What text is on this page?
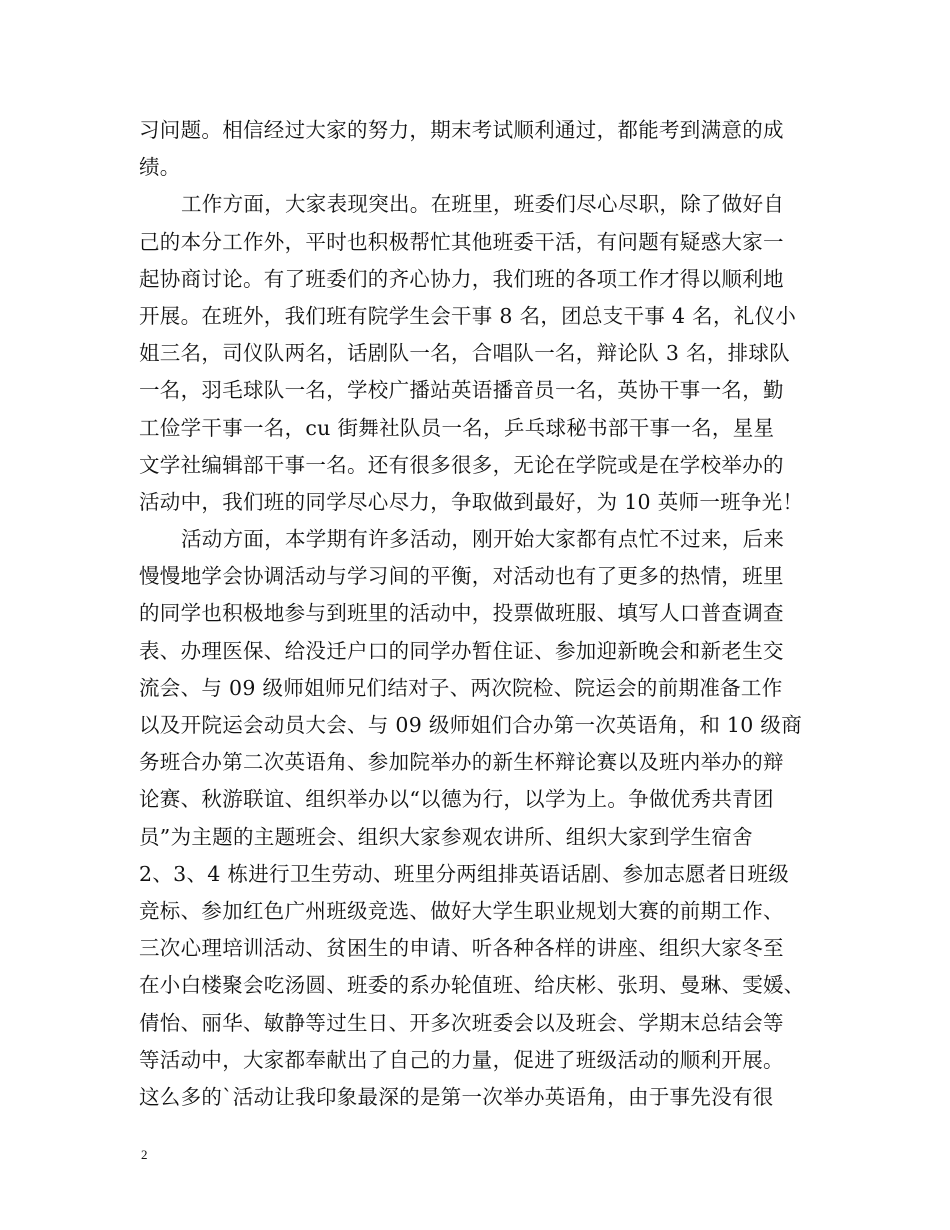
习问题。相信经过大家的努力，期末考试顺利通过，都能考到满意的成
绩。
工作方面，大家表现突出。在班里，班委们尽心尽职，除了做好自
己的本分工作外，平时也积极帮忙其他班委干活，有问题有疑惑大家一
起协商讨论。有了班委们的齐心协力，我们班的各项工作才得以顺利地
开展。在班外，我们班有院学生会干事 8 名，团总支干事 4 名，礼仪小
姐三名，司仪队两名，话剧队一名，合唱队一名，辩论队 3 名，排球队
一名，羽毛球队一名，学校广播站英语播音员一名，英协干事一名，勤
工俭学干事一名，cu 街舞社队员一名，乒乓球秘书部干事一名，星星
文学社编辑部干事一名。还有很多很多，无论在学院或是在学校举办的
活动中，我们班的同学尽心尽力，争取做到最好，为 10 英师一班争光！
活动方面，本学期有许多活动，刚开始大家都有点忙不过来，后来
慢慢地学会协调活动与学习间的平衡，对活动也有了更多的热情，班里
的同学也积极地参与到班里的活动中，投票做班服、填写人口普查调查
表、办理医保、给没迁户口的同学办暂住证、参加迎新晚会和新老生交
流会、与 09 级师姐师兄们结对子、两次院检、院运会的前期准备工作
以及开院运会动员大会、与 09 级师姐们合办第一次英语角，和 10 级商
务班合办第二次英语角、参加院举办的新生杯辩论赛以及班内举办的辩
论赛、秋游联谊、组织举办以“以德为行，以学为上。争做优秀共青团
员”为主题的主题班会、组织大家参观农讲所、组织大家到学生宿舍
2、3、4 栋进行卫生劳动、班里分两组排英语话剧、参加志愿者日班级
竞标、参加红色广州班级竞选、做好大学生职业规划大赛的前期工作、
三次心理培训活动、贫困生的申请、听各种各样的讲座、组织大家冬至
在小白楼聚会吃汤圆、班委的系办轮值班、给庆彬、张玥、曼琳、雯媛、
倩怡、丽华、敏静等过生日、开多次班委会以及班会、学期末总结会等
等活动中，大家都奉献出了自己的力量，促进了班级活动的顺利开展。
这么多的`活动让我印象最深的是第一次举办英语角，由于事先没有很
2
